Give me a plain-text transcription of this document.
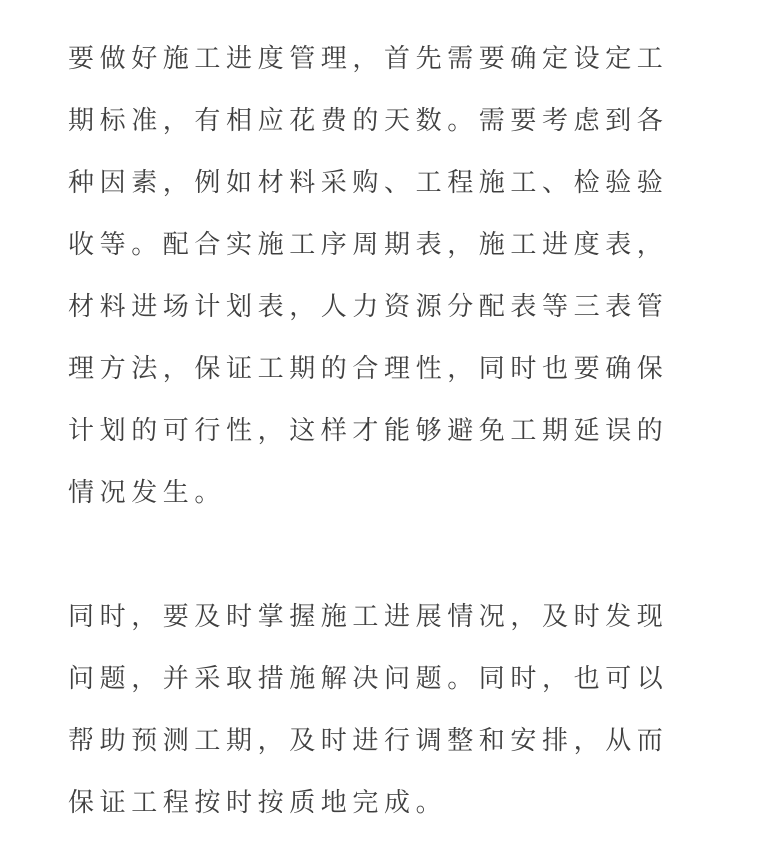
要做好施工进度管理，首先需要确定设定工
期标准，有相应花费的天数。需要考虑到各
种因素，例如材料采购、工程施工、检验验
收等。配合实施工序周期表，施工进度表，
材料进场计划表，人力资源分配表等三表管
理方法，保证工期的合理性，同时也要确保
计划的可行性，这样才能够避免工期延误的
情况发生。

同时，要及时掌握施工进展情况，及时发现
问题，并采取措施解决问题。同时，也可以
帮助预测工期，及时进行调整和安排，从而
保证工程按时按质地完成。
